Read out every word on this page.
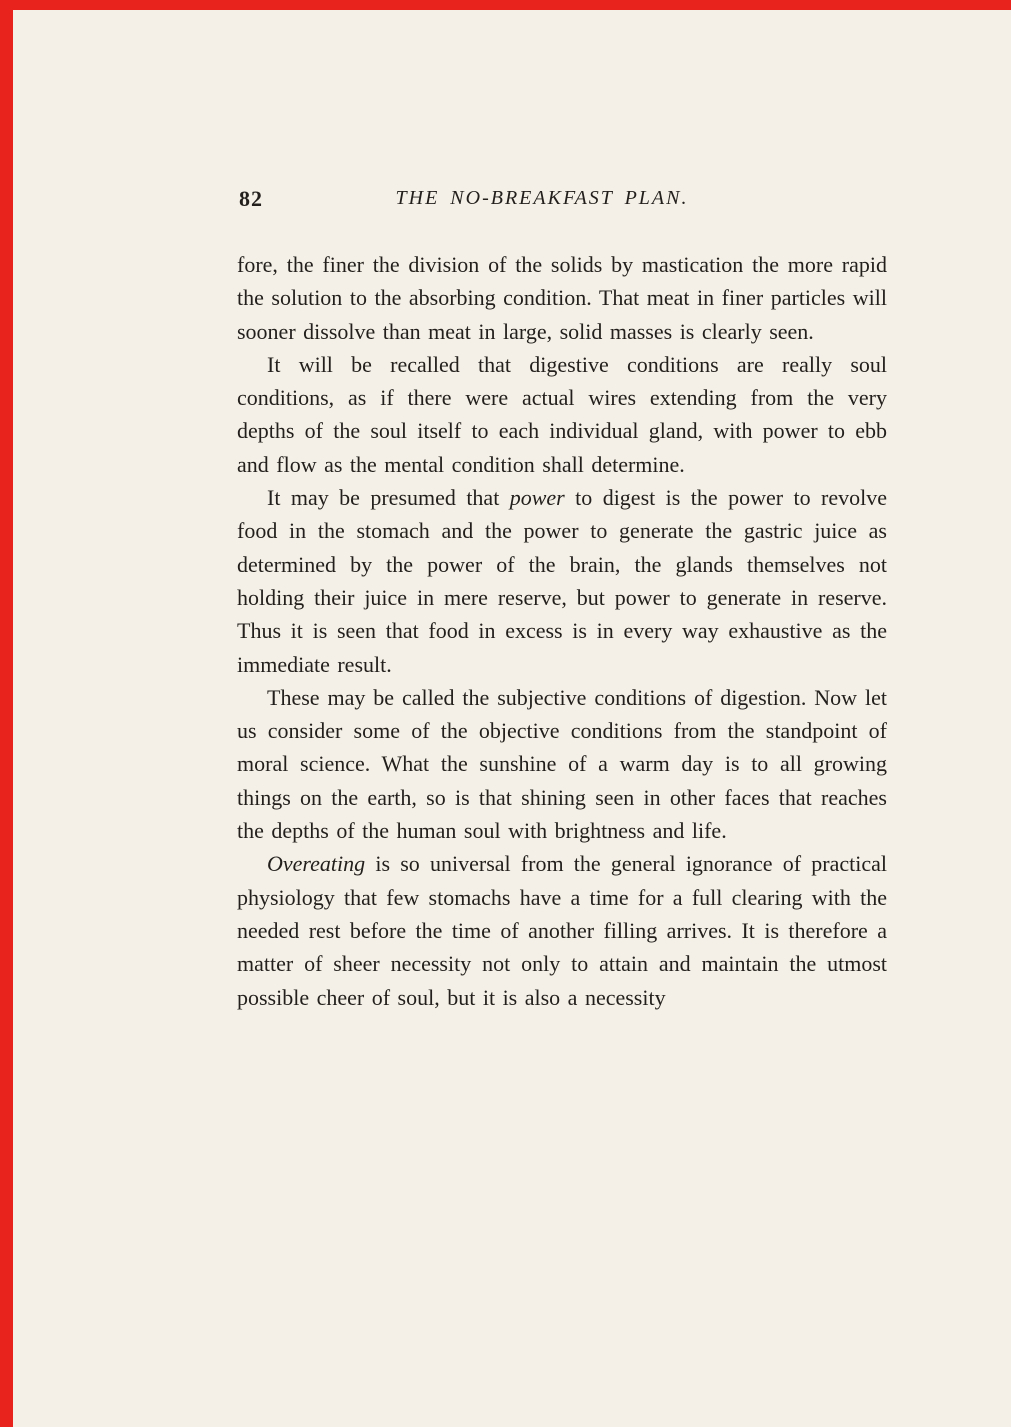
82	THE NO-BREAKFAST PLAN.

fore, the finer the division of the solids by mastication the more rapid the solution to the absorbing condition. That meat in finer particles will sooner dissolve than meat in large, solid masses is clearly seen.

It will be recalled that digestive conditions are really soul conditions, as if there were actual wires extending from the very depths of the soul itself to each individual gland, with power to ebb and flow as the mental condition shall determine.

It may be presumed that power to digest is the power to revolve food in the stomach and the power to generate the gastric juice as determined by the power of the brain, the glands themselves not holding their juice in mere reserve, but power to generate in reserve. Thus it is seen that food in excess is in every way exhaustive as the immediate result.

These may be called the subjective conditions of digestion. Now let us consider some of the objective conditions from the standpoint of moral science. What the sunshine of a warm day is to all growing things on the earth, so is that shining seen in other faces that reaches the depths of the human soul with brightness and life.

Overeating is so universal from the general ignorance of practical physiology that few stomachs have a time for a full clearing with the needed rest before the time of another filling arrives. It is therefore a matter of sheer necessity not only to attain and maintain the utmost possible cheer of soul, but it is also a necessity
